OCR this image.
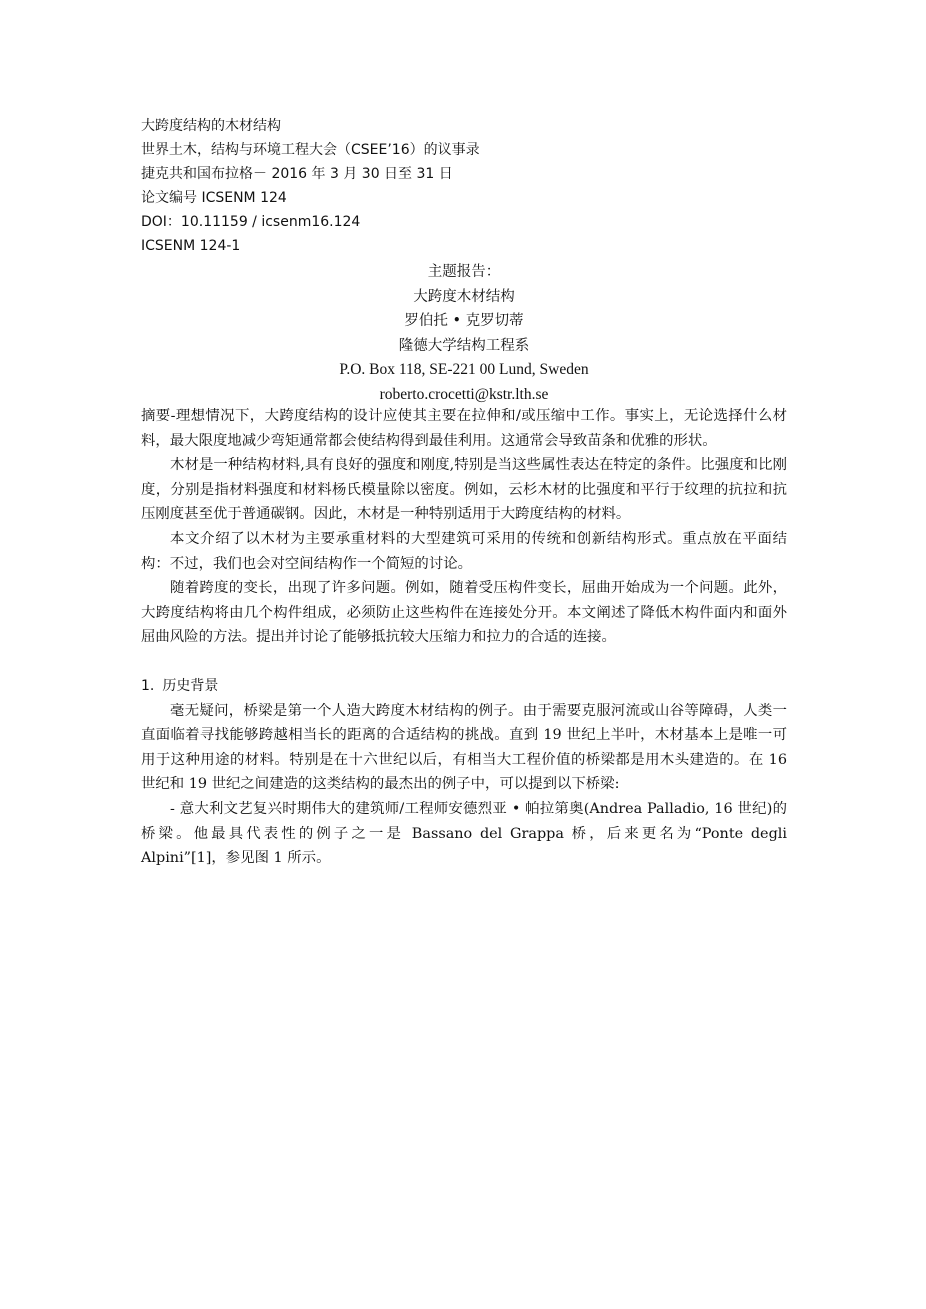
大跨度结构的木材结构
世界土木，结构与环境工程大会（CSEE’16）的议事录
捷克共和国布拉格－ 2016 年 3 月 30 日至 31 日
论文编号 ICSENM 124
DOI：10.11159 / icsenm16.124
ICSENM 124-1
主题报告：
大跨度木材结构
罗伯托 • 克罗切蒂
隆德大学结构工程系
P.O. Box 118, SE-221 00 Lund, Sweden
roberto.crocetti@kstr.lth.se

摘要-理想情况下，大跨度结构的设计应使其主要在拉伸和/或压缩中工作。事实上，无论选择什么材料，最大限度地减少弯矩通常都会使结构得到最佳利用。这通常会导致苗条和优雅的形状。

木材是一种结构材料,具有良好的强度和刚度,特别是当这些属性表达在特定的条件。比强度和比刚度，分别是指材料强度和材料杨氏模量除以密度。例如，云杉木材的比强度和平行于纹理的抗拉和抗压刚度甚至优于普通碳钢。因此，木材是一种特别适用于大跨度结构的材料。

本文介绍了以木材为主要承重材料的大型建筑可采用的传统和创新结构形式。重点放在平面结构：不过，我们也会对空间结构作一个简短的讨论。

随着跨度的变长，出现了许多问题。例如，随着受压构件变长，屈曲开始成为一个问题。此外，大跨度结构将由几个构件组成，必须防止这些构件在连接处分开。本文阐述了降低木构件面内和面外屈曲风险的方法。提出并讨论了能够抵抗较大压缩力和拉力的合适的连接。

1. 历史背景

毫无疑问，桥梁是第一个人造大跨度木材结构的例子。由于需要克服河流或山谷等障碍，人类一直面临着寻找能够跨越相当长的距离的合适结构的挑战。直到 19 世纪上半叶，木材基本上是唯一可用于这种用途的材料。特别是在十六世纪以后，有相当大工程价值的桥梁都是用木头建造的。在 16 世纪和 19 世纪之间建造的这类结构的最杰出的例子中，可以提到以下桥梁:

- 意大利文艺复兴时期伟大的建筑师/工程师安德烈亚 • 帕拉第奥(Andrea Palladio, 16 世纪)的桥梁。他最具代表性的例子之一是 Bassano del Grappa 桥，后来更名为“Ponte degli Alpini”[1]，参见图 1 所示。
